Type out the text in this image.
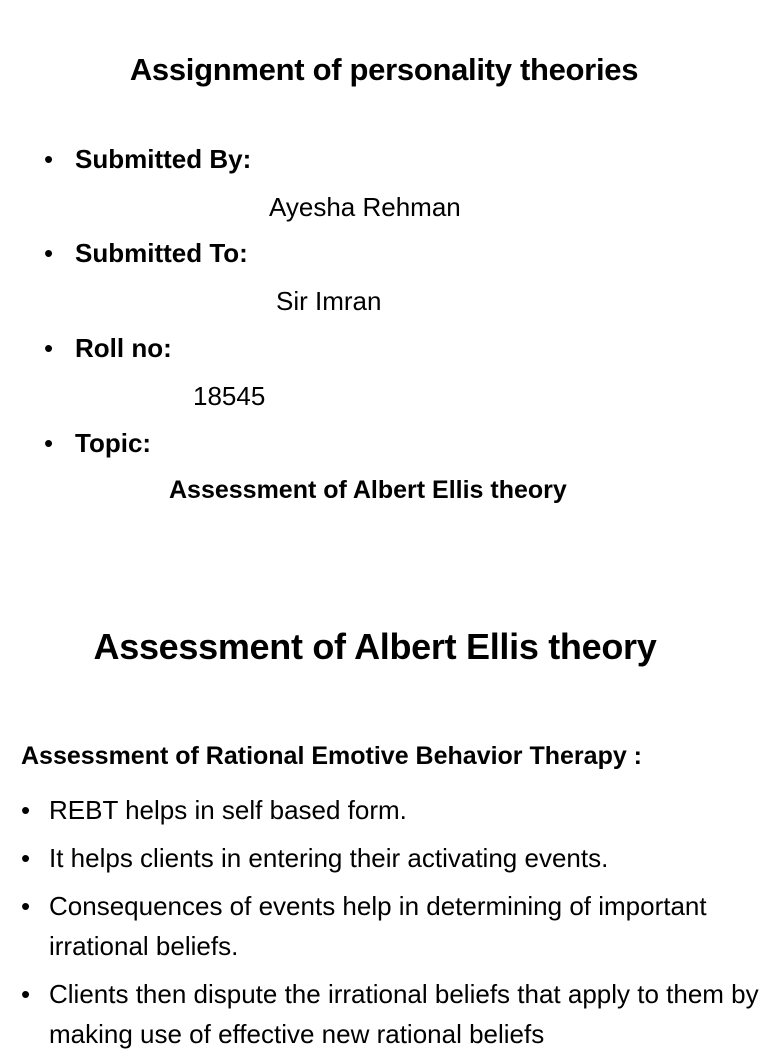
Assignment of personality theories
• Submitted By:
Ayesha Rehman
• Submitted To:
Sir Imran
• Roll no:
18545
• Topic:
Assessment of Albert Ellis theory
Assessment of Albert Ellis theory
Assessment of Rational Emotive Behavior Therapy :
• REBT helps in self based form.
• It helps clients in entering their activating events.
• Consequences of events help in determining of important irrational beliefs.
• Clients then dispute the irrational beliefs that apply to them by making use of effective new rational beliefs
